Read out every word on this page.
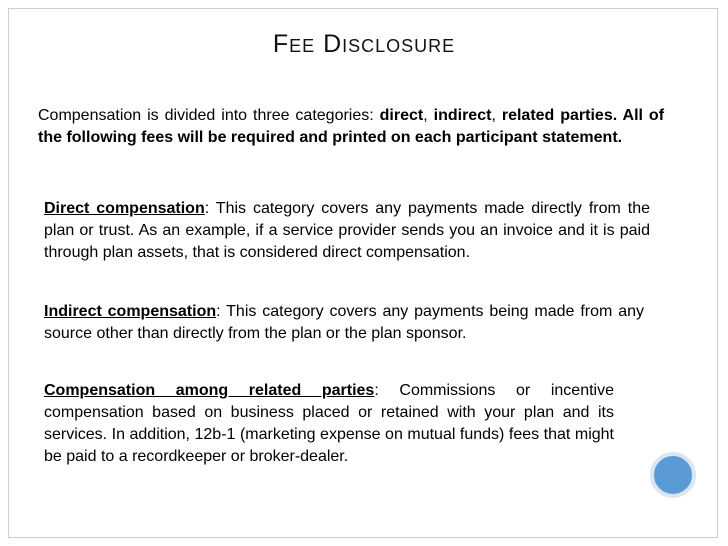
Fee Disclosure
Compensation is divided into three categories: direct, indirect, related parties. All of the following fees will be required and printed on each participant statement.
Direct compensation: This category covers any payments made directly from the plan or trust. As an example, if a service provider sends you an invoice and it is paid through plan assets, that is considered direct compensation.
Indirect compensation: This category covers any payments being made from any source other than directly from the plan or the plan sponsor.
Compensation among related parties: Commissions or incentive compensation based on business placed or retained with your plan and its services. In addition, 12b-1 (marketing expense on mutual funds) fees that might be paid to a recordkeeper or broker-dealer.
